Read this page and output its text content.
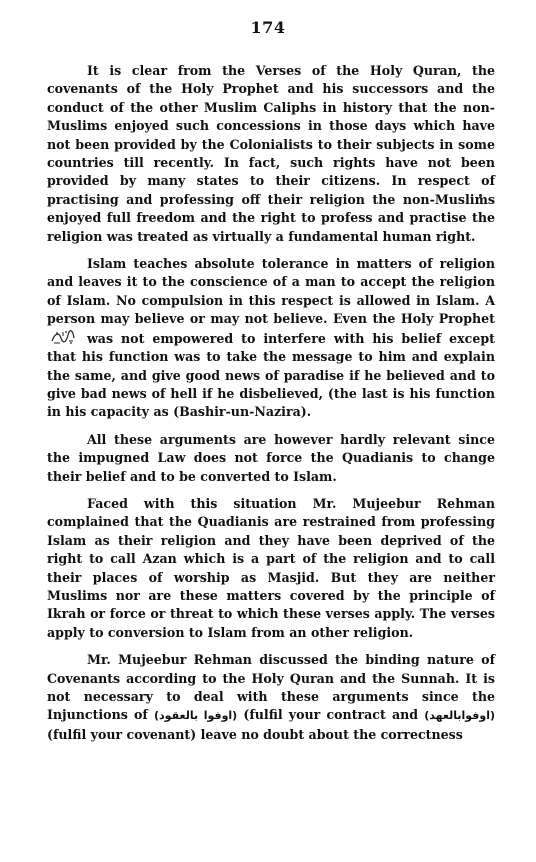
174

It is clear from the Verses of the Holy Quran, the covenants of the Holy Prophet and his successors and the conduct of the other Muslim Caliphs in history that the non-Muslims enjoyed such concessions in those days which have not been provided by the Colonialists to their subjects in some countries till recently. In fact, such rights have not been provided by many states to their citizens. In respect of practising and professing off their religion the non-Muslims enjoyed full freedom and the right to profess and practise the religion was treated as virtually a fundamental human right.

Islam teaches absolute tolerance in matters of religion and leaves it to the conscience of a man to accept the religion of Islam. No compulsion in this respect is allowed in Islam. A person may believe or may not believe. Even the Holy Prophet  was not empowered to interfere with his belief except that his function was to take the message to him and explain the same, and give good news of paradise if he believed and to give bad news of hell if he disbelieved, (the last is his function in his capacity as (Bashir-un-Nazira).

All these arguments are however hardly relevant since the impugned Law does not force the Quadianis to change their belief and to be converted to Islam.

Faced with this situation Mr. Mujeebur Rehman complained that the Quadianis are restrained from professing Islam as their religion and they have been deprived of the right to call Azan which is a part of the religion and to call their places of worship as Masjid. But they are neither Muslims nor are these matters covered by the principle of Ikrah or force or threat to which these verses apply. The verses apply to conversion to Islam from an other religion.

Mr. Mujeebur Rehman discussed the binding nature of Covenants according to the Holy Quran and the Sunnah. It is not necessary to deal with these arguments since the Injunctions of (اوفوا بالعقود) (fulfil your contract and (اوفوابالعهد) (fulfil your covenant) leave no doubt about the correctness
